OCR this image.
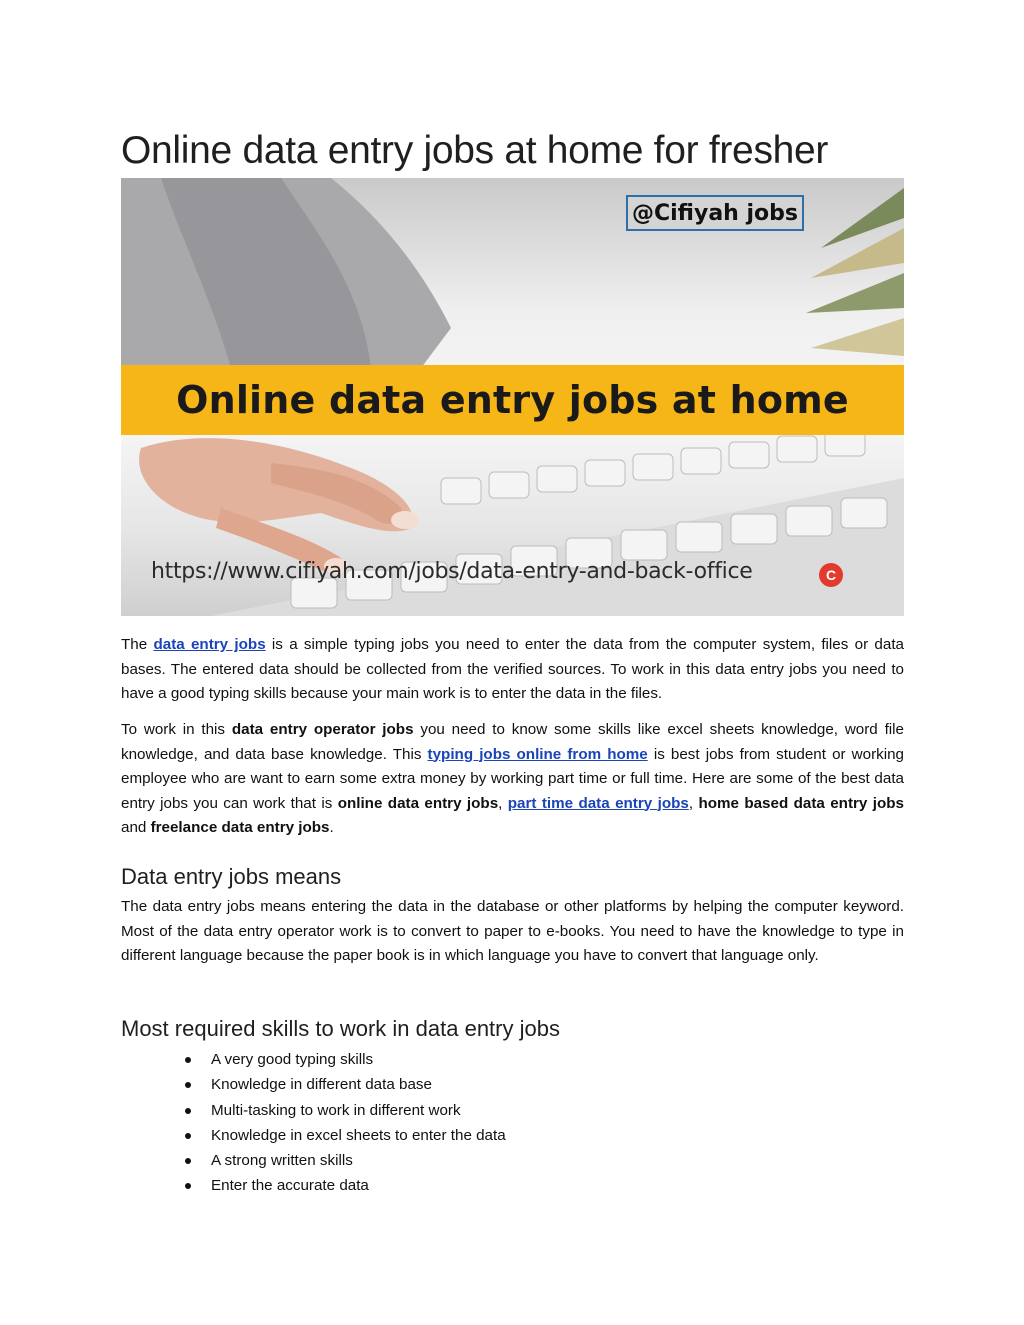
Online data entry jobs at home for fresher
Online data entry jobs at home
@Cifiyah jobs
https://www.cifiyah.com/jobs/data-entry-and-back-office	C

The data entry jobs is a simple typing jobs you need to enter the data from the computer system, files or data bases. The entered data should be collected from the verified sources. To work in this data entry jobs you need to have a good typing skills because your main work is to enter the data in the files.

To work in this data entry operator jobs you need to know some skills like excel sheets knowledge, word file knowledge, and data base knowledge. This typing jobs online from home is best jobs from student or working employee who are want to earn some extra money by working part time or full time. Here are some of the best data entry jobs you can work that is online data entry jobs, part time data entry jobs, home based data entry jobs and freelance data entry jobs.

Data entry jobs means

The data entry jobs means entering the data in the database or other platforms by helping the computer keyword. Most of the data entry operator work is to convert to paper to e-books. You need to have the knowledge to type in different language because the paper book is in which language you have to convert that language only.

Most required skills to work in data entry jobs
A very good typing skills
Knowledge in different data base
Multi-tasking to work in different work
Knowledge in excel sheets to enter the data
A strong written skills
Enter the accurate data
